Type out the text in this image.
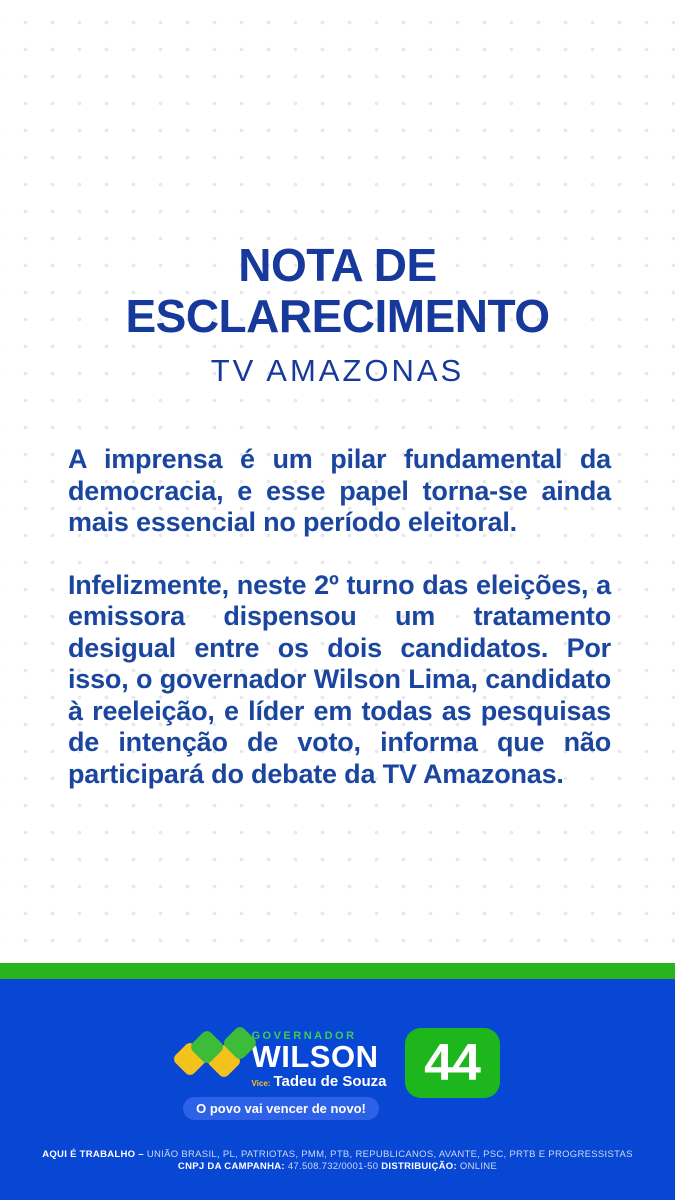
NOTA DE
ESCLARECIMENTO
TV AMAZONAS

A imprensa é um pilar fundamental da democracia, e esse papel torna-se ainda mais essencial no período eleitoral.

Infelizmente, neste 2º turno das eleições, a emissora dispensou um tratamento desigual entre os dois candidatos. Por isso, o governador Wilson Lima, candidato à reeleição, e líder em todas as pesquisas de intenção de voto, informa que não participará do debate da TV Amazonas.

GOVERNADOR
WILSON
Vice: Tadeu de Souza
O povo vai vencer de novo!
44
AQUI É TRABALHO – UNIÃO BRASIL, PL, PATRIOTAS, PMM, PTB, REPUBLICANOS, AVANTE, PSC, PRTB E PROGRESSISTAS
CNPJ DA CAMPANHA: 47.508.732/0001-50 DISTRIBUIÇÃO: ONLINE
